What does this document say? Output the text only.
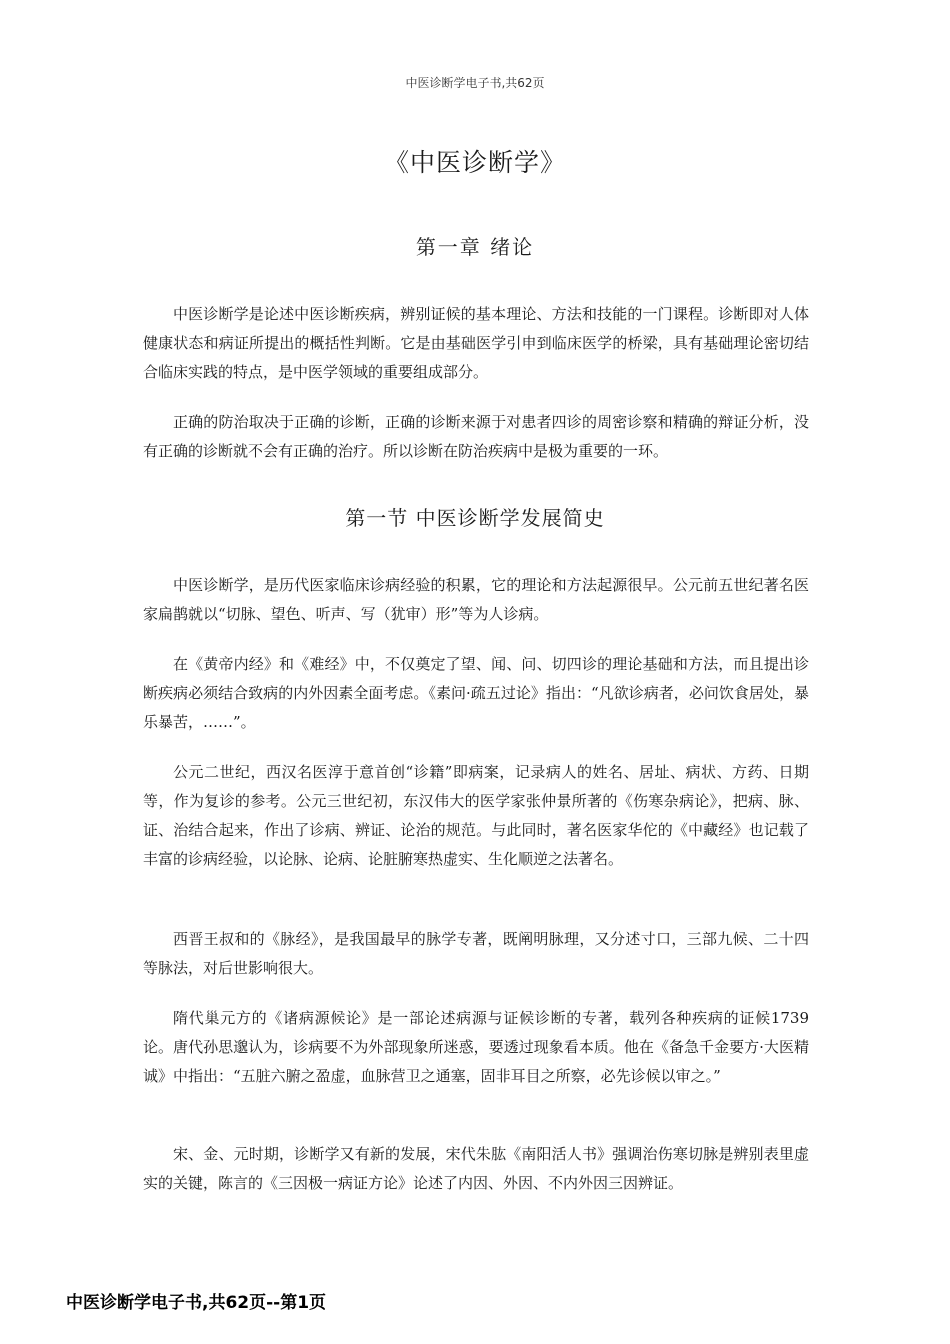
中医诊断学电子书,共62页
《中医诊断学》
第一章 绪论

中医诊断学是论述中医诊断疾病，辨别证候的基本理论、方法和技能的一门课程。诊断即对人体健康状态和病证所提出的概括性判断。它是由基础医学引申到临床医学的桥梁，具有基础理论密切结合临床实践的特点，是中医学领域的重要组成部分。

正确的防治取决于正确的诊断，正确的诊断来源于对患者四诊的周密诊察和精确的辩证分析，没有正确的诊断就不会有正确的治疗。所以诊断在防治疾病中是极为重要的一环。

第一节 中医诊断学发展简史

中医诊断学，是历代医家临床诊病经验的积累，它的理论和方法起源很早。公元前五世纪著名医家扁鹊就以“切脉、望色、听声、写（犹审）形”等为人诊病。

在《黄帝内经》和《难经》中，不仅奠定了望、闻、问、切四诊的理论基础和方法，而且提出诊断疾病必须结合致病的内外因素全面考虑。《素问·疏五过论》指出：“凡欲诊病者，必问饮食居处，暴乐暴苦，……”。

公元二世纪，西汉名医淳于意首创“诊籍”即病案，记录病人的姓名、居址、病状、方药、日期等，作为复诊的参考。公元三世纪初，东汉伟大的医学家张仲景所著的《伤寒杂病论》，把病、脉、证、治结合起来，作出了诊病、辨证、论治的规范。与此同时，著名医家华佗的《中藏经》也记载了丰富的诊病经验，以论脉、论病、论脏腑寒热虚实、生化顺逆之法著名。

西晋王叔和的《脉经》，是我国最早的脉学专著，既阐明脉理，又分述寸口，三部九候、二十四等脉法，对后世影响很大。

隋代巢元方的《诸病源候论》是一部论述病源与证候诊断的专著，载列各种疾病的证候1739论。唐代孙思邈认为，诊病要不为外部现象所迷惑，要透过现象看本质。他在《备急千金要方·大医精诚》中指出：“五脏六腑之盈虚，血脉营卫之通塞，固非耳目之所察，必先诊候以审之。”

宋、金、元时期，诊断学又有新的发展，宋代朱肱《南阳活人书》强调治伤寒切脉是辨别表里虚实的关键，陈言的《三因极一病证方论》论述了内因、外因、不内外因三因辨证。

中医诊断学电子书,共62页--第1页
